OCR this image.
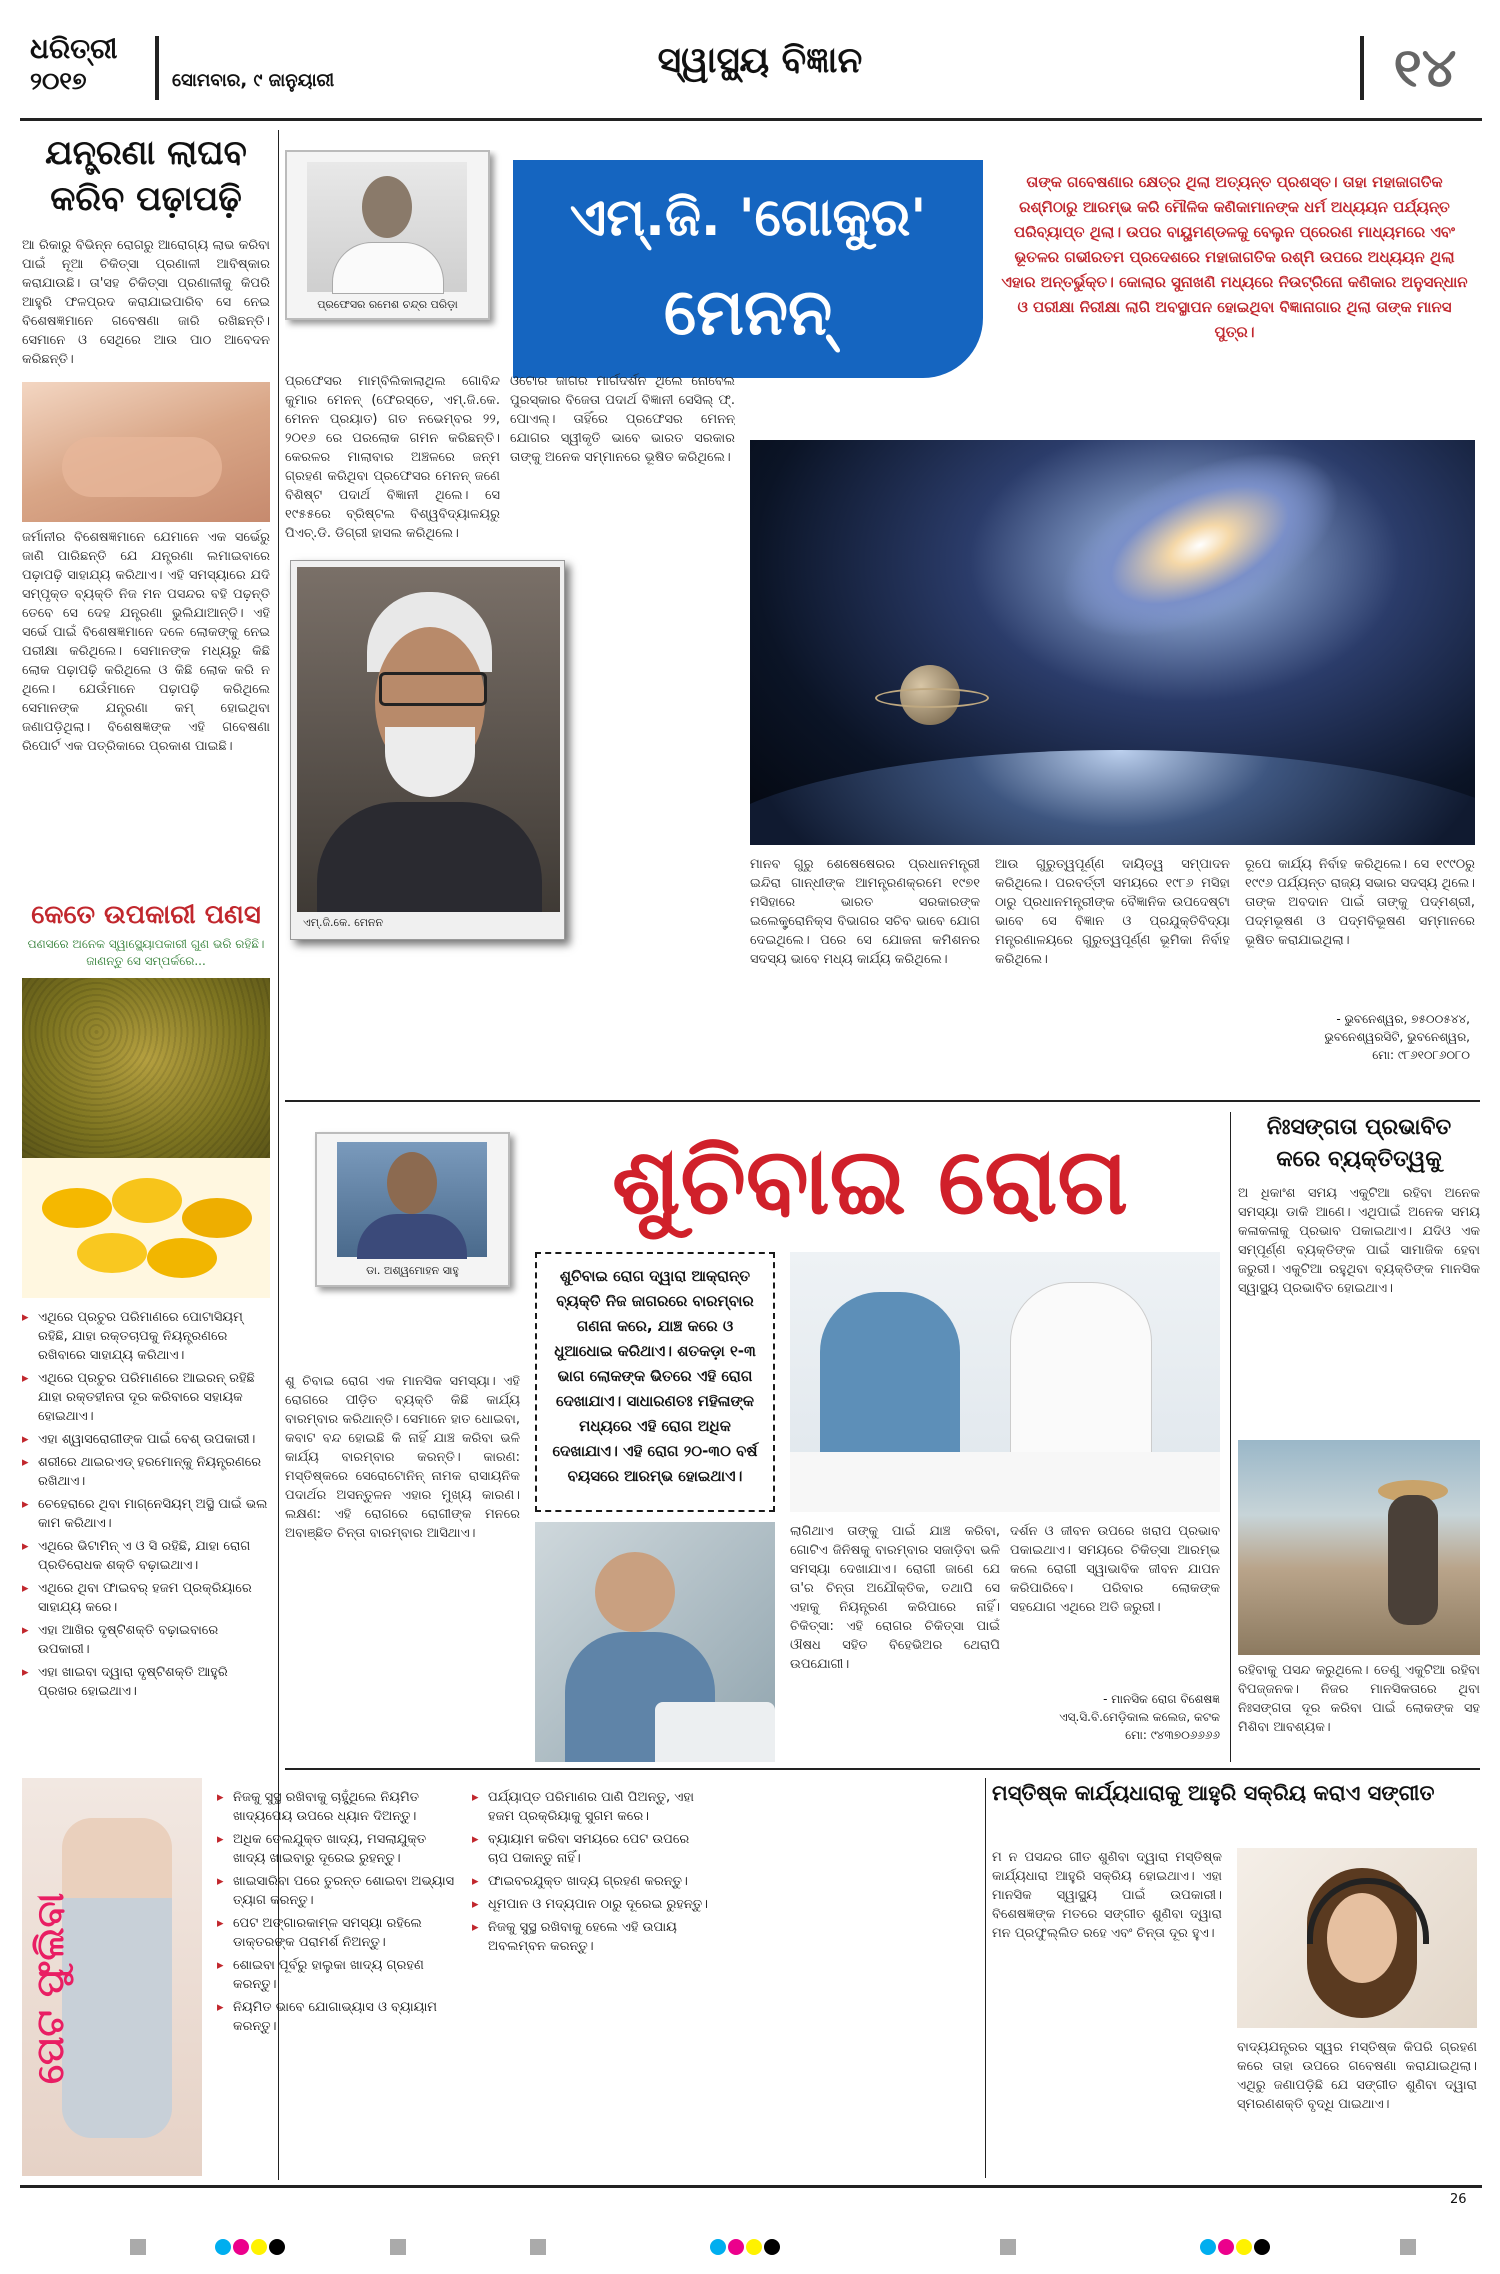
ଧରିତ୍ରୀ
୨୦୧୭	ସୋମବାର, ୯ ଜାନୁୟାରୀ	ସ୍ୱାସ୍ଥ୍ୟ ବିଜ୍ଞାନ	୧୪
ଯନ୍ତ୍ରଣା ଲାଘବ କରିବ ପଢ଼ାପଢ଼ି
ଆ ରିକାରୁ ବିଭିନ୍ନ ରୋଗରୁ ଆରୋଗ୍ୟ ଲାଭ କରିବା ପାଇଁ ନୂଆ ଚିକିତ୍ସା ପ୍ରଣାଳୀ ଆବିଷ୍କାର କରାଯାଉଛି। ତା'ସହ ଚିକିତ୍ସା ପ୍ରଣାଳୀକୁ କିପରି ଆହୁରି ଫଳପ୍ରଦ କରାଯାଇପାରିବ ସେ ନେଇ ବିଶେଷଜ୍ଞମାନେ ଗବେଷଣା ଜାରି ରଖିଛନ୍ତି। ସେମାନେ ଓ ସେଥିରେ ଆଉ ପାଠ ଆବେଦନ କରିଛନ୍ତି।
ଜର୍ମାନୀର ବିଶେଷଜ୍ଞମାନେ ଯେମାନେ ଏକ ସର୍ଭେରୁ ଜାଣି ପାରିଛନ୍ତି ଯେ ଯନ୍ତ୍ରଣା ଲମାଇବାରେ ପଢ଼ାପଢ଼ି ସାହାଯ୍ୟ କରିଥାଏ। ଏହି ସମସ୍ୟାରେ ଯଦି ସମ୍ପୃକ୍ତ ବ୍ୟକ୍ତି ନିଜ ମନ ପସନ୍ଦର ବହି ପଢ଼ନ୍ତି ତେବେ ସେ ଦେହ ଯନ୍ତ୍ରଣା ଭୁଲିଯାଆନ୍ତି। ଏହି ସର୍ଭେ ପାଇଁ ବିଶେଷଜ୍ଞମାନେ ଦଳେ ଲୋକଙ୍କୁ ନେଇ ପରୀକ୍ଷା କରିଥିଲେ। ସେମାନଙ୍କ ମଧ୍ୟରୁ କିଛି ଲୋକ ପଢ଼ାପଢ଼ି କରିଥିଲେ ଓ କିଛି ଲୋକ କରି ନ ଥିଲେ। ଯେଉଁମାନେ ପଢ଼ାପଢ଼ି କରିଥିଲେ ସେମାନଙ୍କ ଯନ୍ତ୍ରଣା କମ୍ ହୋଇଥିବା ଜଣାପଡ଼ିଥିଲା। ବିଶେଷଜ୍ଞଙ୍କ ଏହି ଗବେଷଣା ରିପୋର୍ଟ ଏକ ପତ୍ରିକାରେ ପ୍ରକାଶ ପାଇଛି।
କେତେ ଉପକାରୀ ପଣସ
ପଣସରେ ଅନେକ ସ୍ୱାସ୍ଥ୍ୟୋପକାରୀ ଗୁଣ ଭରି ରହିଛି। ଜାଣନ୍ତୁ ସେ ସମ୍ପର୍କରେ...
▸ ଏଥିରେ ପ୍ରଚୁର ପରିମାଣରେ ପୋଟାସିୟମ୍ ରହିଛି, ଯାହା ରକ୍ତଚାପକୁ ନିୟନ୍ତ୍ରଣରେ ରଖିବାରେ ସାହାଯ୍ୟ କରିଥାଏ।
▸ ଏଥିରେ ପ୍ରଚୁର ପରିମାଣରେ ଆଇରନ୍ ରହିଛି ଯାହା ରକ୍ତହୀନତା ଦୂର କରିବାରେ ସହାୟକ ହୋଇଥାଏ।
▸ ଏହା ଶ୍ୱାସରୋଗୀଙ୍କ ପାଇଁ ବେଶ୍ ଉପକାରୀ।
▸ ଶରୀରେ ଥାଇରଏଡ୍ ହରମୋନ୍କୁ ନିୟନ୍ତ୍ରଣରେ ରଖିଥାଏ।
▸ ଚେହେରାରେ ଥିବା ମାଗ୍ନେସିୟମ୍ ଅସ୍ଥି ପାଇଁ ଭଲ କାମ କରିଥାଏ।
▸ ଏଥିରେ ଭିଟାମିନ୍ ଏ ଓ ସି ରହିଛି, ଯାହା ରୋଗ ପ୍ରତିରୋଧକ ଶକ୍ତି ବଢ଼ାଇଥାଏ।
▸ ଏଥିରେ ଥିବା ଫାଇବର୍ ହଜମ ପ୍ରକ୍ରିୟାରେ ସାହାଯ୍ୟ କରେ।
▸ ଏହା ଆଖିର ଦୃଷ୍ଟିଶକ୍ତି ବଢ଼ାଇବାରେ ଉପକାରୀ।
▸ ଏହା ଖାଇବା ଦ୍ୱାରା ଦୃଷ୍ଟିଶକ୍ତି ଆହୁରି ପ୍ରଖର ହୋଇଥାଏ।
ପ୍ରଫେସର ରମେଶ ଚନ୍ଦ୍ର ପରିଡ଼ା
ଏମ୍.ଜି. 'ଗୋକୁର'
ମେନନ୍
ତାଙ୍କ ଗବେଷଣାର କ୍ଷେତ୍ର ଥିଲା ଅତ୍ୟନ୍ତ ପ୍ରଶସ୍ତ। ତାହା ମହାଜାଗତିକ ରଶ୍ମିଠାରୁ ଆରମ୍ଭ କରି ମୌଳିକ କଣିକାମାନଙ୍କ ଧର୍ମ ଅଧ୍ୟୟନ ପର୍ଯ୍ୟନ୍ତ ପରିବ୍ୟାପ୍ତ ଥିଲା। ଉପର ବାୟୁମଣ୍ଡଳକୁ ବେଲୁନ ପ୍ରେରଣ ମାଧ୍ୟମରେ ଏବଂ ଭୂତଳର ଗଭୀରତମ ପ୍ରଦେଶରେ ମହାଜାଗତିକ ରଶ୍ମି ଉପରେ ଅଧ୍ୟୟନ ଥିଲା ଏହାର ଅନ୍ତର୍ଭୁକ୍ତ। କୋଲାର ସୁନାଖଣି ମଧ୍ୟରେ ନିଉଟ୍ରିନୋ କଣିକାର ଅନୁସନ୍ଧାନ ଓ ପରୀକ୍ଷା ନିରୀକ୍ଷା ଲାଗି ଅବସ୍ଥାପନ ହୋଇଥିବା ବିଜ୍ଞାନାଗାର ଥିଲା ତାଙ୍କ ମାନସ ପୁତ୍ର।
ପ୍ରଫେସର ମାମ୍ବିଲିକାଲାଥିଲ ଗୋବିନ୍ଦ କୁମାର ମେନନ୍ (ଫେରସ୍ତେ, ଏମ୍.ଜି.କେ. ମେନନ ପ୍ରୟାତ) ଗତ ନଭେମ୍ବର ୨୨, ୨୦୧୬ ରେ ପରଲୋକ ଗମନ କରିଛନ୍ତି। କେରଳର ମାଲାବାର ଅଞ୍ଚଳରେ ଜନ୍ମ ଗ୍ରହଣ କରିଥିବା ପ୍ରଫେସର ମେନନ୍ ଜଣେ ବିଶିଷ୍ଟ ପଦାର୍ଥ ବିଜ୍ଞାନୀ ଥିଲେ। ସେ ୧୯୫୫ରେ ବ୍ରିଷ୍ଟଲ ବିଶ୍ୱବିଦ୍ୟାଳୟରୁ ପିଏଚ୍.ଡି. ଡିଗ୍ରୀ ହାସଲ କରିଥିଲେ।
ଓଟୋର ଜାଗର ମାର୍ଗଦର୍ଶନ ଥିଲେ ନୋବେଲ ପୁରସ୍କାର ବିଜେତା ପଦାର୍ଥ ବିଜ୍ଞାନୀ ସେସିଲ୍ ଫ୍. ପୋଏଲ୍। ତାହିଁରେ ପ୍ରଫେସର ମେନନ୍ ଯୋଗର ସ୍ୱୀକୃତି ଭାବେ ଭାରତ ସରକାର ତାଙ୍କୁ ଅନେକ ସମ୍ମାନରେ ଭୂଷିତ କରିଥିଲେ।
ଏମ୍.ଜି.କେ. ମେନନ
ମାନବ ଗୁରୁ ଶେଷେଷେରର ପ୍ରଧାନମନ୍ତ୍ରୀ ଇନ୍ଦିରା ଗାନ୍ଧୀଙ୍କ ଆମନ୍ତ୍ରଣକ୍ରମେ ୧୯୭୧ ମସିହାରେ ଭାରତ ସରକାରଙ୍କ ଇଲେକ୍ଟ୍ରୋନିକ୍ସ ବିଭାଗର ସଚିବ ଭାବେ ଯୋଗ ଦେଇଥିଲେ। ପରେ ସେ ଯୋଜନା କମିଶନର ସଦସ୍ୟ ଭାବେ ମଧ୍ୟ କାର୍ଯ୍ୟ କରିଥିଲେ।
ଆଉ ଗୁରୁତ୍ୱପୂର୍ଣ୍ଣ ଦାୟିତ୍ୱ ସମ୍ପାଦନ କରିଥିଲେ। ପରବର୍ତ୍ତୀ ସମୟରେ ୧୯୮୬ ମସିହା ଠାରୁ ପ୍ରଧାନମନ୍ତ୍ରୀଙ୍କ ବୈଜ୍ଞାନିକ ଉପଦେଷ୍ଟା ଭାବେ ସେ ବିଜ୍ଞାନ ଓ ପ୍ରଯୁକ୍ତିବିଦ୍ୟା ମନ୍ତ୍ରଣାଳୟରେ ଗୁରୁତ୍ୱପୂର୍ଣ୍ଣ ଭୂମିକା ନିର୍ବାହ କରିଥିଲେ।
ରୂପେ କାର୍ଯ୍ୟ ନିର୍ବାହ କରିଥିଲେ। ସେ ୧୯୯୦ରୁ ୧୯୯୬ ପର୍ଯ୍ୟନ୍ତ ରାଜ୍ୟ ସଭାର ସଦସ୍ୟ ଥିଲେ। ତାଙ୍କ ଅବଦାନ ପାଇଁ ତାଙ୍କୁ ପଦ୍ମଶ୍ରୀ, ପଦ୍ମଭୂଷଣ ଓ ପଦ୍ମବିଭୂଷଣ ସମ୍ମାନରେ ଭୂଷିତ କରାଯାଇଥିଲା।
- ଭୁବନେଶ୍ୱର, ୭୫୦୦୫୪୪,
ଭୁବନେଶ୍ୱରସିଟି, ଭୁବନେଶ୍ୱର,
ମୋ: ୯୮୬୧୦୮୬୦୮୦
ଡା. ଅଶ୍ୱମୋହନ ସାହୁ
ଶୁଚିବାଇ ରୋଗ
ଶୁ ଚିବାଇ ରୋଗ ଏକ ମାନସିକ ସମସ୍ୟା। ଏହି ରୋଗରେ ପୀଡ଼ିତ ବ୍ୟକ୍ତି କିଛି କାର୍ଯ୍ୟ ବାରମ୍ବାର କରିଥାନ୍ତି। ସେମାନେ ହାତ ଧୋଇବା, କବାଟ ବନ୍ଦ ହୋଇଛି କି ନାହିଁ ଯାଞ୍ଚ କରିବା ଭଳି କାର୍ଯ୍ୟ ବାରମ୍ବାର କରନ୍ତି। କାରଣ: ମସ୍ତିଷ୍କରେ ସେରୋଟୋନିନ୍ ନାମକ ରାସାୟନିକ ପଦାର୍ଥର ଅସନ୍ତୁଳନ ଏହାର ମୁଖ୍ୟ କାରଣ। ଲକ୍ଷଣ: ଏହି ରୋଗରେ ରୋଗୀଙ୍କ ମନରେ ଅବାଞ୍ଛିତ ଚିନ୍ତା ବାରମ୍ବାର ଆସିଥାଏ।
ଶୁଚିବାଇ ରୋଗ ଦ୍ୱାରା ଆକ୍ରାନ୍ତ ବ୍ୟକ୍ତି ନିଜ ଜାଗରରେ ବାରମ୍ବାର ଗଣନା କରେ, ଯାଞ୍ଚ କରେ ଓ ଧୁଆଧୋଇ କରିଥାଏ। ଶତକଡ଼ା ୧-୩ ଭାଗ ଲୋକଙ୍କ ଭିତରେ ଏହି ରୋଗ ଦେଖାଯାଏ। ସାଧାରଣତଃ ମହିଳାଙ୍କ ମଧ୍ୟରେ ଏହି ରୋଗ ଅଧିକ ଦେଖାଯାଏ। ଏହି ରୋଗ ୨୦-୩୦ ବର୍ଷ ବୟସରେ ଆରମ୍ଭ ହୋଇଥାଏ।
ଲାଗିଥାଏ ତାଙ୍କୁ ପାଇଁ ଯାଞ୍ଚ କରିବା, ଗୋଟିଏ ଜିନିଷକୁ ବାରମ୍ବାର ସଜାଡ଼ିବା ଭଳି ସମସ୍ୟା ଦେଖାଯାଏ। ରୋଗୀ ଜାଣେ ଯେ ତା'ର ଚିନ୍ତା ଅଯୌକ୍ତିକ, ତଥାପି ସେ ଏହାକୁ ନିୟନ୍ତ୍ରଣ କରିପାରେ ନାହିଁ। ଚିକିତ୍ସା: ଏହି ରୋଗର ଚିକିତ୍ସା ପାଇଁ ଔଷଧ ସହିତ ବିହେଭିଅର ଥେରାପି ଉପଯୋଗୀ।
ଦର୍ଶନ ଓ ଜୀବନ ଉପରେ ଖରାପ ପ୍ରଭାବ ପକାଇଥାଏ। ସମୟରେ ଚିକିତ୍ସା ଆରମ୍ଭ କଲେ ରୋଗୀ ସ୍ୱାଭାବିକ ଜୀବନ ଯାପନ କରିପାରିବେ। ପରିବାର ଲୋକଙ୍କ ସହଯୋଗ ଏଥିରେ ଅତି ଜରୁରୀ।
- ମାନସିକ ରୋଗ ବିଶେଷଜ୍ଞ
ଏସ୍.ସି.ବି.ମେଡ଼ିକାଲ କଲେଜ, କଟକ
ମୋ: ୯୪୩୭୦୬୬୬୬
ନିଃସଙ୍ଗତା ପ୍ରଭାବିତ
କରେ ବ୍ୟକ୍ତିତ୍ୱକୁ
ଅ ଧିକାଂଶ ସମୟ ଏକୁଟିଆ ରହିବା ଅନେକ ସମସ୍ୟା ଡାକି ଆଣେ। ଏଥିପାଇଁ ଅନେକ ସମୟ କଳାକଳାକୁ ପ୍ରଭାବ ପକାଇଥାଏ। ଯଦିଓ ଏକ ସମ୍ପୂର୍ଣ୍ଣ ବ୍ୟକ୍ତିଙ୍କ ପାଇଁ ସାମାଜିକ ହେବା ଜରୁରୀ। ଏକୁଟିଆ ରହୁଥିବା ବ୍ୟକ୍ତିଙ୍କ ମାନସିକ ସ୍ୱାସ୍ଥ୍ୟ ପ୍ରଭାବିତ ହୋଇଥାଏ।
ରହିବାକୁ ପସନ୍ଦ କରୁଥିଲେ। ତେଣୁ ଏକୁଟିଆ ରହିବା ବିପଜ୍ଜନକ। ନିଜର ମାନସିକତାରେ ଥିବା ନିଃସଙ୍ଗତା ଦୂର କରିବା ପାଇଁ ଲୋକଙ୍କ ସହ ମିଶିବା ଆବଶ୍ୟକ।
ପେଟ ଫୁଲିବା
▸ ନିଜକୁ ସୁସ୍ଥ ରଖିବାକୁ ଚାହୁଁଥିଲେ ନିୟମିତ ଖାଦ୍ୟପେୟ ଉପରେ ଧ୍ୟାନ ଦିଅନ୍ତୁ।
▸ ଅଧିକ ତେଲଯୁକ୍ତ ଖାଦ୍ୟ, ମସଲାଯୁକ୍ତ ଖାଦ୍ୟ ଖାଇବାରୁ ଦୂରେଇ ରୁହନ୍ତୁ।
▸ ଖାଇସାରିବା ପରେ ତୁରନ୍ତ ଶୋଇବା ଅଭ୍ୟାସ ତ୍ୟାଗ କରନ୍ତୁ।
▸ ପେଟ ଅଙ୍ଗାରକାମ୍ଳ ସମସ୍ୟା ରହିଲେ ଡାକ୍ତରଙ୍କ ପରାମର୍ଶ ନିଅନ୍ତୁ।
▸ ଶୋଇବା ପୂର୍ବରୁ ହାଲୁକା ଖାଦ୍ୟ ଗ୍ରହଣ କରନ୍ତୁ।
▸ ନିୟମିତ ଭାବେ ଯୋଗାଭ୍ୟାସ ଓ ବ୍ୟାୟାମ କରନ୍ତୁ।
▸ ପର୍ଯ୍ୟାପ୍ତ ପରିମାଣର ପାଣି ପିଅନ୍ତୁ, ଏହା ହଜମ ପ୍ରକ୍ରିୟାକୁ ସୁଗମ କରେ।
▸ ବ୍ୟାୟାମ କରିବା ସମୟରେ ପେଟ ଉପରେ ଚାପ ପକାନ୍ତୁ ନାହିଁ।
▸ ଫାଇବରଯୁକ୍ତ ଖାଦ୍ୟ ଗ୍ରହଣ କରନ୍ତୁ।
▸ ଧୂମପାନ ଓ ମଦ୍ୟପାନ ଠାରୁ ଦୂରେଇ ରୁହନ୍ତୁ।
▸ ନିଜକୁ ସୁସ୍ଥ ରଖିବାକୁ ହେଲେ ଏହି ଉପାୟ ଅବଲମ୍ବନ କରନ୍ତୁ।
ମସ୍ତିଷ୍କ କାର୍ଯ୍ୟଧାରାକୁ ଆହୁରି ସକ୍ରିୟ କରାଏ ସଙ୍ଗୀତ
ମ ନ ପସନ୍ଦର ଗୀତ ଶୁଣିବା ଦ୍ୱାରା ମସ୍ତିଷ୍କ କାର୍ଯ୍ୟଧାରା ଆହୁରି ସକ୍ରିୟ ହୋଇଥାଏ। ଏହା ମାନସିକ ସ୍ୱାସ୍ଥ୍ୟ ପାଇଁ ଉପକାରୀ। ବିଶେଷଜ୍ଞଙ୍କ ମତରେ ସଙ୍ଗୀତ ଶୁଣିବା ଦ୍ୱାରା ମନ ପ୍ରଫୁଲ୍ଲିତ ରହେ ଏବଂ ଚିନ୍ତା ଦୂର ହୁଏ।
ବାଦ୍ୟଯନ୍ତ୍ରର ସ୍ୱର ମସ୍ତିଷ୍କ କିପରି ଗ୍ରହଣ କରେ ତାହା ଉପରେ ଗବେଷଣା କରାଯାଇଥିଲା। ଏଥିରୁ ଜଣାପଡ଼ିଛି ଯେ ସଙ୍ଗୀତ ଶୁଣିବା ଦ୍ୱାରା ସ୍ମରଣଶକ୍ତି ବୃଦ୍ଧି ପାଇଥାଏ।
26
